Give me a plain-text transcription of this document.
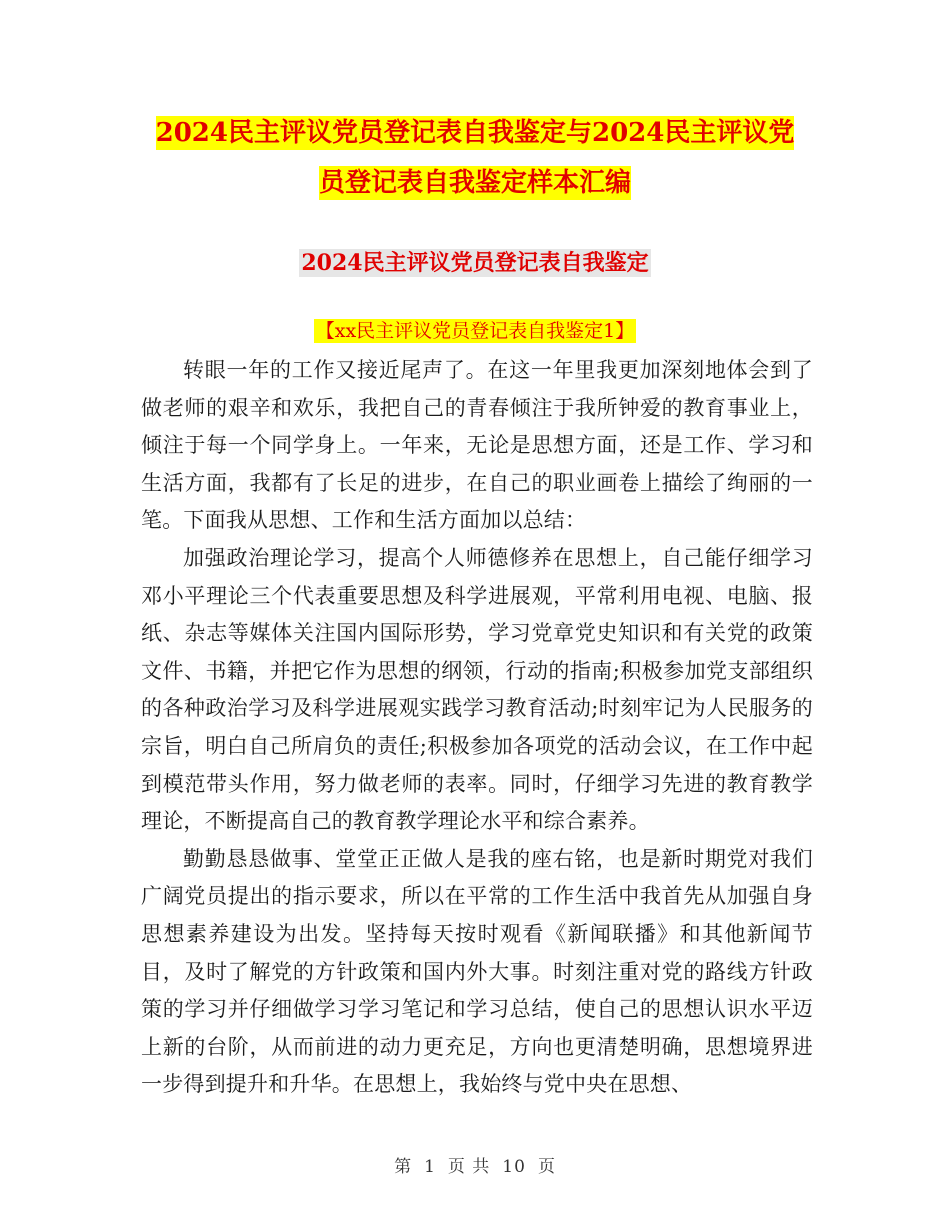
2024民主评议党员登记表自我鉴定与2024民主评议党
员登记表自我鉴定样本汇编
2024民主评议党员登记表自我鉴定
【xx民主评议党员登记表自我鉴定1】

转眼一年的工作又接近尾声了。在这一年里我更加深刻地体会到了做老师的艰辛和欢乐，我把自己的青春倾注于我所钟爱的教育事业上，倾注于每一个同学身上。一年来，无论是思想方面，还是工作、学习和生活方面，我都有了长足的进步，在自己的职业画卷上描绘了绚丽的一笔。下面我从思想、工作和生活方面加以总结：

加强政治理论学习，提高个人师德修养在思想上，自己能仔细学习邓小平理论三个代表重要思想及科学进展观，平常利用电视、电脑、报纸、杂志等媒体关注国内国际形势，学习党章党史知识和有关党的政策文件、书籍，并把它作为思想的纲领，行动的指南;积极参加党支部组织的各种政治学习及科学进展观实践学习教育活动;时刻牢记为人民服务的宗旨，明白自己所肩负的责任;积极参加各项党的活动会议，在工作中起到模范带头作用，努力做老师的表率。同时，仔细学习先进的教育教学理论，不断提高自己的教育教学理论水平和综合素养。

勤勤恳恳做事、堂堂正正做人是我的座右铭，也是新时期党对我们广阔党员提出的指示要求，所以在平常的工作生活中我首先从加强自身思想素养建设为出发。坚持每天按时观看《新闻联播》和其他新闻节目，及时了解党的方针政策和国内外大事。时刻注重对党的路线方针政策的学习并仔细做学习学习笔记和学习总结，使自己的思想认识水平迈上新的台阶，从而前进的动力更充足，方向也更清楚明确，思想境界进一步得到提升和升华。在思想上，我始终与党中央在思想、

第 1 页 共 10 页
